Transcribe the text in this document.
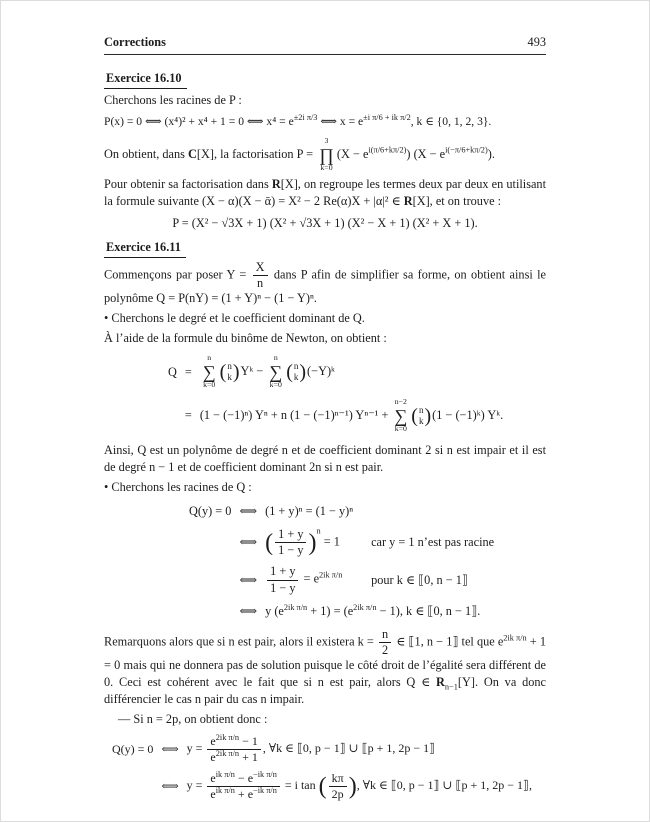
Corrections	493
Exercice 16.10

Cherchons les racines de P :

P(x) = 0 ⟺ (x⁴)² + x⁴ + 1 = 0 ⟺ $x^4 = e^{\pm 2i \pi/3}$ ⟺ $x = e^{\pm i \pi/6 + ik \pi/2}$, k ∈ {0, 1, 2, 3}.

On obtient, dans C[X], la factorisation P =
3
∏
k=0
$(X - e^{i(\pi/6+k\pi/2)})$ $(X - e^{i(-\pi/6+k\pi/2)})$.

Pour obtenir sa factorisation dans R[X], on regroupe les termes deux par deux en utilisant la formule suivante (X − α)(X − ᾱ) = X² − 2 Re(α)X + |α|² ∈ R[X], et on trouve :

P = (X² − √3X + 1) (X² + √3X + 1) (X² − X + 1) (X² + X + 1).
Exercice 16.11

Commençons par poser $Y = \frac{X}{n}$ dans P afin de simplifier sa forme, on obtient ainsi le polynôme Q = P(nY) = (1 + Y)ⁿ − (1 − Y)ⁿ.

• Cherchons le degré et le coefficient dominant de Q.

À l’aide de la formule du binôme de Newton, on obtient :

Q =
n
∑
k=0
( n
k ) Yᵏ −
n
∑
k=0
( n
k ) (−Y)ᵏ
= (1 − (−1)ⁿ) Yⁿ + n (1 − (−1)ⁿ⁻¹) Yⁿ⁻¹ +
n−2
∑
k=0
( n
k ) (1 − (−1)ᵏ) Yᵏ.

Ainsi, Q est un polynôme de degré n et de coefficient dominant 2 si n est impair et il est de degré n − 1 et de coefficient dominant 2n si n est pair.

• Cherchons les racines de Q :

Q(y) = 0 ⟺ (1 + y)ⁿ = (1 − y)ⁿ
⟺ ( $\frac{1 + y}{1 - y} )^n = 1$	car y = 1 n’est pas racine
⟺ $\frac{1 + y}{1 - y} = e^{2ik \pi/n}$	pour k ∈ ⟦0, n − 1⟧
⟺ y $(e^{2ik \pi/n} + 1) = (e^{2ik \pi/n} - 1)$, k ∈ ⟦0, n − 1⟧.

Remarquons alors que si n est pair, alors il existera $k = \frac{n}{2}$ ∈ ⟦1, n − 1⟧ tel que $e^{2ik \pi/n} + 1 = 0$ mais qui ne donnera pas de solution puisque le côté droit de l’égalité sera différent de 0. Ceci est cohérent avec le fait que si n est pair, alors Q ∈ $R_{n-1}[Y]$. On va donc différencier le cas n pair du cas n impair.

— Si n = 2p, on obtient donc :

Q(y) = 0 ⟺ $y = \frac{e^{2ik \pi/n} - 1}{e^{2ik \pi/n} + 1}$ , ∀k ∈ ⟦0, p − 1⟧ ∪ ⟦p + 1, 2p − 1⟧
⟺ $y = \frac{e^{ik \pi/n} - e^{-ik \pi/n}}{e^{ik \pi/n} + e^{-ik \pi/n}} = i$ tan ( $\frac{k\pi}{2p}$ ), ∀k ∈ ⟦0, p − 1⟧ ∪ ⟦p + 1, 2p − 1⟧,
